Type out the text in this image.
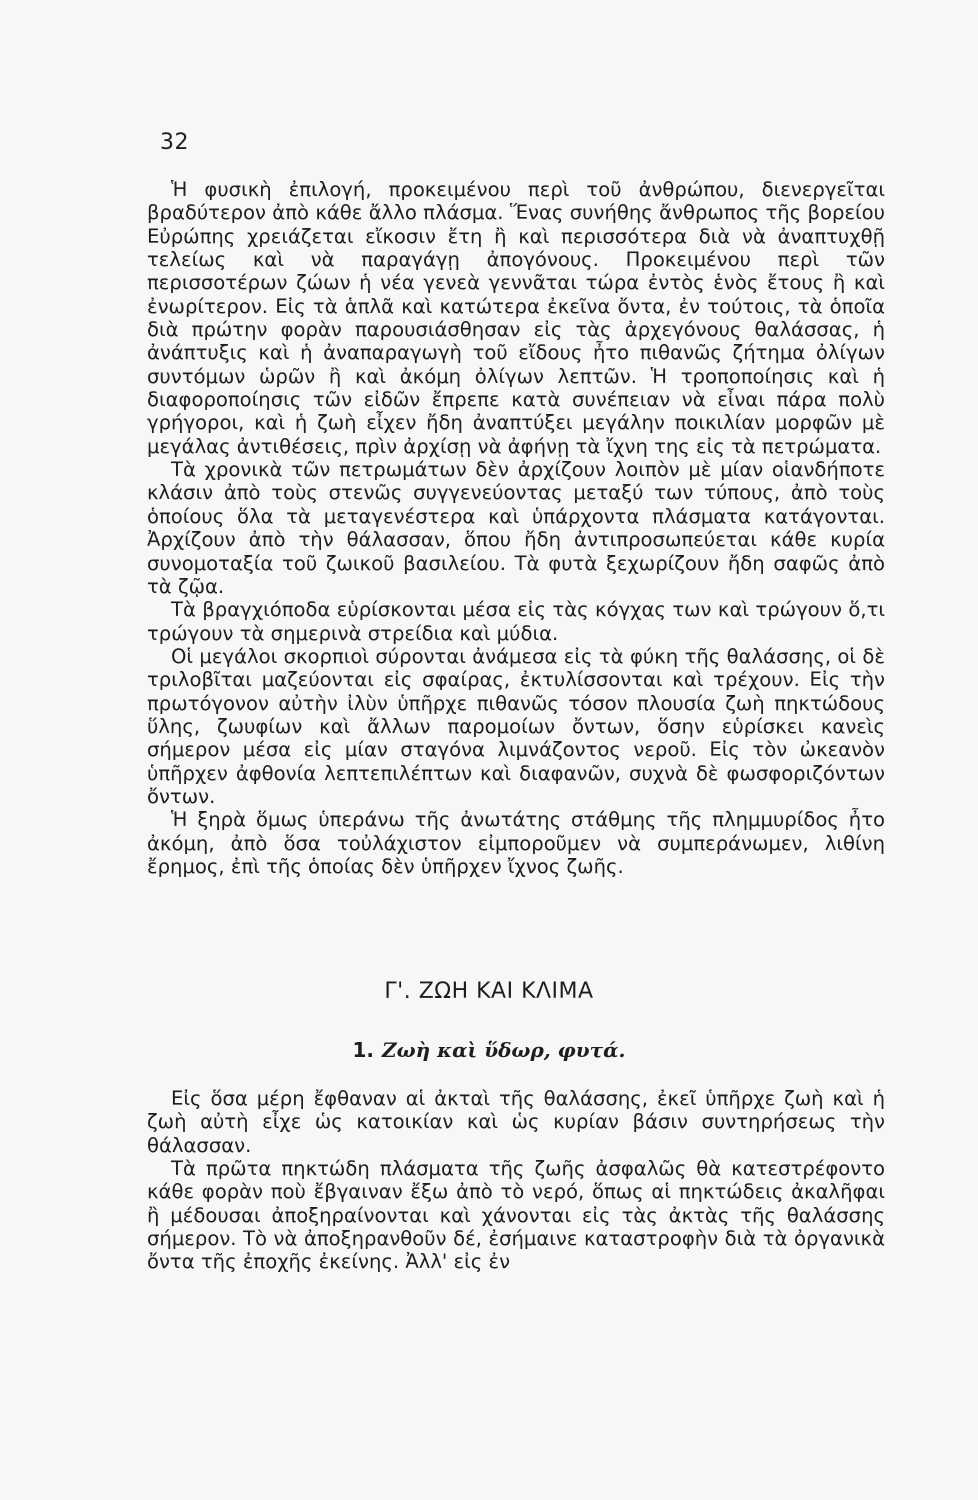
32

Ἡ φυσικὴ ἐπιλογή, προκειμένου περὶ τοῦ ἀνθρώπου, διενεργεῖται βραδύτερον ἀπὸ κάθε ἄλλο πλάσμα. Ἕνας συνήθης ἄνθρωπος τῆς βορείου Εὐρώπης χρειάζεται εἴκοσιν ἔτη ἢ καὶ περισσότερα διὰ νὰ ἀναπτυχθῇ τελείως καὶ νὰ παραγάγῃ ἀπογόνους. Προκειμένου περὶ τῶν περισσοτέρων ζώων ἡ νέα γενεὰ γεννᾶται τώρα ἐντὸς ἑνὸς ἔτους ἢ καὶ ἐνωρίτερον. Εἰς τὰ ἁπλᾶ καὶ κατώτερα ἐκεῖνα ὄντα, ἐν τούτοις, τὰ ὁποῖα διὰ πρώτην φορὰν παρουσιάσθησαν εἰς τὰς ἀρχεγόνους θαλάσσας, ἡ ἀνάπτυξις καὶ ἡ ἀναπαραγωγὴ τοῦ εἴδους ἦτο πιθανῶς ζήτημα ὀλίγων συντόμων ὡρῶν ἢ καὶ ἀκόμη ὀλίγων λεπτῶν. Ἡ τροποποίησις καὶ ἡ διαφοροποίησις τῶν εἰδῶν ἔπρεπε κατὰ συνέπειαν νὰ εἶναι πάρα πολὺ γρήγοροι, καὶ ἡ ζωὴ εἶχεν ἤδη ἀναπτύξει μεγάλην ποικιλίαν μορφῶν μὲ μεγάλας ἀντιθέσεις, πρὶν ἀρχίσῃ νὰ ἀφήνῃ τὰ ἴχνη της εἰς τὰ πετρώματα.

Τὰ χρονικὰ τῶν πετρωμάτων δὲν ἀρχίζουν λοιπὸν μὲ μίαν οἱανδήποτε κλάσιν ἀπὸ τοὺς στενῶς συγγενεύοντας μεταξύ των τύπους, ἀπὸ τοὺς ὁποίους ὅλα τὰ μεταγενέστερα καὶ ὑπάρχοντα πλάσματα κατάγονται. Ἀρχίζουν ἀπὸ τὴν θάλασσαν, ὅπου ἤδη ἀντιπροσωπεύεται κάθε κυρία συνομοταξία τοῦ ζωικοῦ βασιλείου. Τὰ φυτὰ ξεχωρίζουν ἤδη σαφῶς ἀπὸ τὰ ζῷα.

Τὰ βραγχιόποδα εὑρίσκονται μέσα εἰς τὰς κόγχας των καὶ τρώγουν ὅ,τι τρώγουν τὰ σημερινὰ στρείδια καὶ μύδια.

Οἱ μεγάλοι σκορπιοὶ σύρονται ἀνάμεσα εἰς τὰ φύκη τῆς θαλάσσης, οἱ δὲ τριλοβῖται μαζεύονται εἰς σφαίρας, ἐκτυλίσσονται καὶ τρέχουν. Εἰς τὴν πρωτόγονον αὐτὴν ἰλὺν ὑπῆρχε πιθανῶς τόσον πλουσία ζωὴ πηκτώδους ὕλης, ζωυφίων καὶ ἄλλων παρομοίων ὄντων, ὅσην εὑρίσκει κανεὶς σήμερον μέσα εἰς μίαν σταγόνα λιμνάζοντος νεροῦ. Εἰς τὸν ὠκεανὸν ὑπῆρχεν ἀφθονία λεπτεπιλέπτων καὶ διαφανῶν, συχνὰ δὲ φωσφοριζόντων ὄντων.

Ἡ ξηρὰ ὅμως ὑπεράνω τῆς ἀνωτάτης στάθμης τῆς πλημμυρίδος ἦτο ἀκόμη, ἀπὸ ὅσα τοὐλάχιστον εἰμποροῦμεν νὰ συμπεράνωμεν, λιθίνη ἔρημος, ἐπὶ τῆς ὁποίας δὲν ὑπῆρχεν ἴχνος ζωῆς.

Γ'. ΖΩΗ ΚΑΙ ΚΛΙΜΑ
1. Ζωὴ καὶ ὕδωρ, φυτά.

Εἰς ὅσα μέρη ἔφθαναν αἱ ἀκταὶ τῆς θαλάσσης, ἐκεῖ ὑπῆρχε ζωὴ καὶ ἡ ζωὴ αὐτὴ εἶχε ὡς κατοικίαν καὶ ὡς κυρίαν βάσιν συντηρήσεως τὴν θάλασσαν.

Τὰ πρῶτα πηκτώδη πλάσματα τῆς ζωῆς ἀσφαλῶς θὰ κατεστρέφοντο κάθε φορὰν ποὺ ἔβγαιναν ἔξω ἀπὸ τὸ νερό, ὅπως αἱ πηκτώδεις ἀκαλῆφαι ἢ μέδουσαι ἀποξηραίνονται καὶ χάνονται εἰς τὰς ἀκτὰς τῆς θαλάσσης σήμερον. Τὸ νὰ ἀποξηρανθοῦν δέ, ἐσήμαινε καταστροφὴν διὰ τὰ ὀργανικὰ ὄντα τῆς ἐποχῆς ἐκείνης. Ἀλλ' εἰς ἐν
